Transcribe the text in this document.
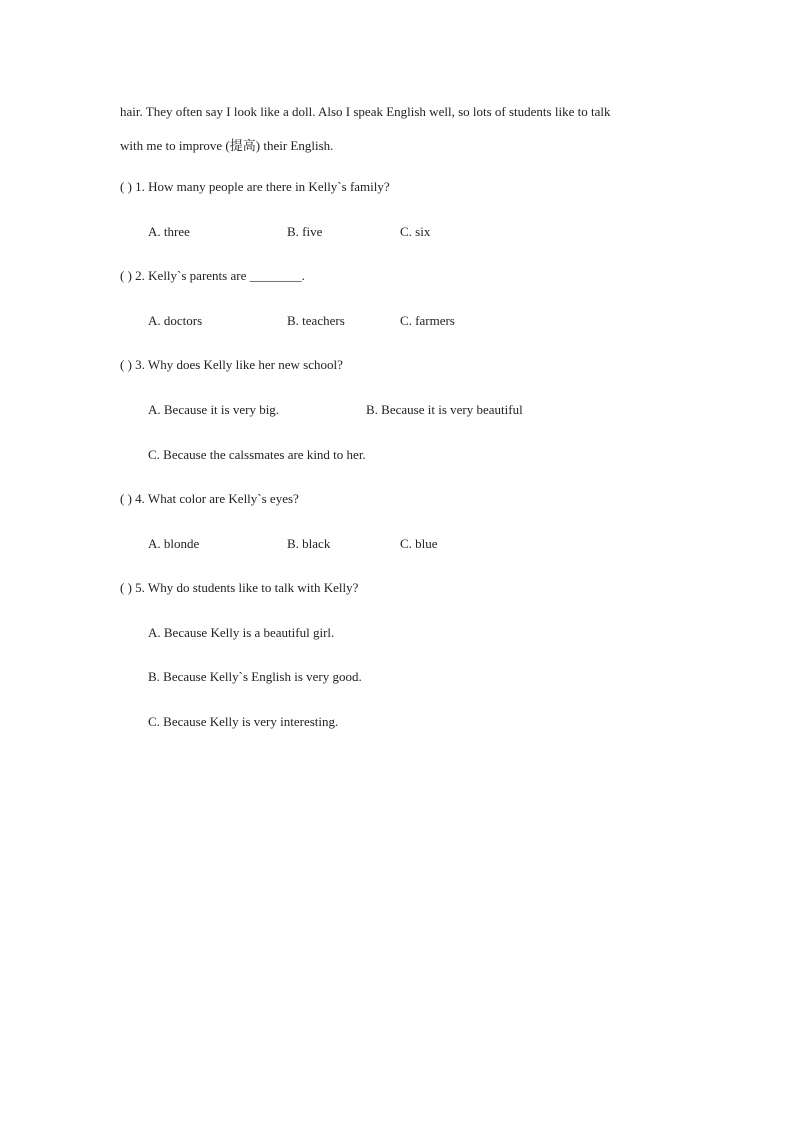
hair. They often say I look like a doll. Also I speak English well, so lots of students like to talk
with me to improve (提高) their English.
( ) 1. How many people are there in Kelly`s family?
A. three	B. five	C. six
( ) 2. Kelly`s parents are ________.
A. doctors	B. teachers	C. farmers
( ) 3. Why does Kelly like her new school?
A. Because it is very big.	B. Because it is very beautiful
C. Because the calssmates are kind to her.
( ) 4. What color are Kelly`s eyes?
A. blonde	B. black	C. blue
( ) 5. Why do students like to talk with Kelly?
A. Because Kelly is a beautiful girl.
B. Because Kelly`s English is very good.
C. Because Kelly is very interesting.
